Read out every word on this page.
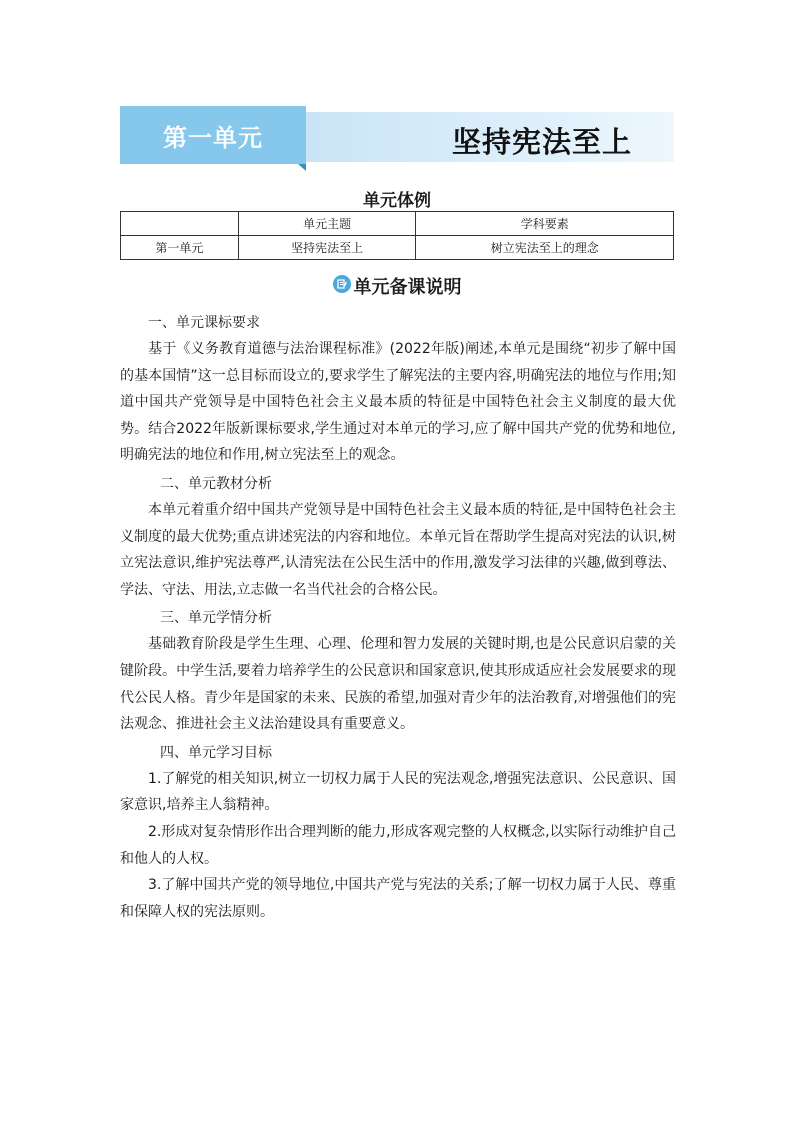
第一单元	坚持宪法至上
单元体例
	单元主题	学科要素
第一单元	坚持宪法至上	树立宪法至上的理念
单元备课说明

一、单元课标要求

基于《义务教育道德与法治课程标准》(2022年版)阐述,本单元是围绕“初步了解中国的基本国情”这一总目标而设立的,要求学生了解宪法的主要内容,明确宪法的地位与作用;知道中国共产党领导是中国特色社会主义最本质的特征是中国特色社会主义制度的最大优势。结合2022年版新课标要求,学生通过对本单元的学习,应了解中国共产党的优势和地位,明确宪法的地位和作用,树立宪法至上的观念。

二、单元教材分析

本单元着重介绍中国共产党领导是中国特色社会主义最本质的特征,是中国特色社会主义制度的最大优势;重点讲述宪法的内容和地位。本单元旨在帮助学生提高对宪法的认识,树立宪法意识,维护宪法尊严,认清宪法在公民生活中的作用,激发学习法律的兴趣,做到尊法、学法、守法、用法,立志做一名当代社会的合格公民。

三、单元学情分析

基础教育阶段是学生生理、心理、伦理和智力发展的关键时期,也是公民意识启蒙的关键阶段。中学生活,要着力培养学生的公民意识和国家意识,使其形成适应社会发展要求的现代公民人格。青少年是国家的未来、民族的希望,加强对青少年的法治教育,对增强他们的宪法观念、推进社会主义法治建设具有重要意义。

四、单元学习目标

1.了解党的相关知识,树立一切权力属于人民的宪法观念,增强宪法意识、公民意识、国家意识,培养主人翁精神。

2.形成对复杂情形作出合理判断的能力,形成客观完整的人权概念,以实际行动维护自己和他人的人权。

3.了解中国共产党的领导地位,中国共产党与宪法的关系;了解一切权力属于人民、尊重和保障人权的宪法原则。
